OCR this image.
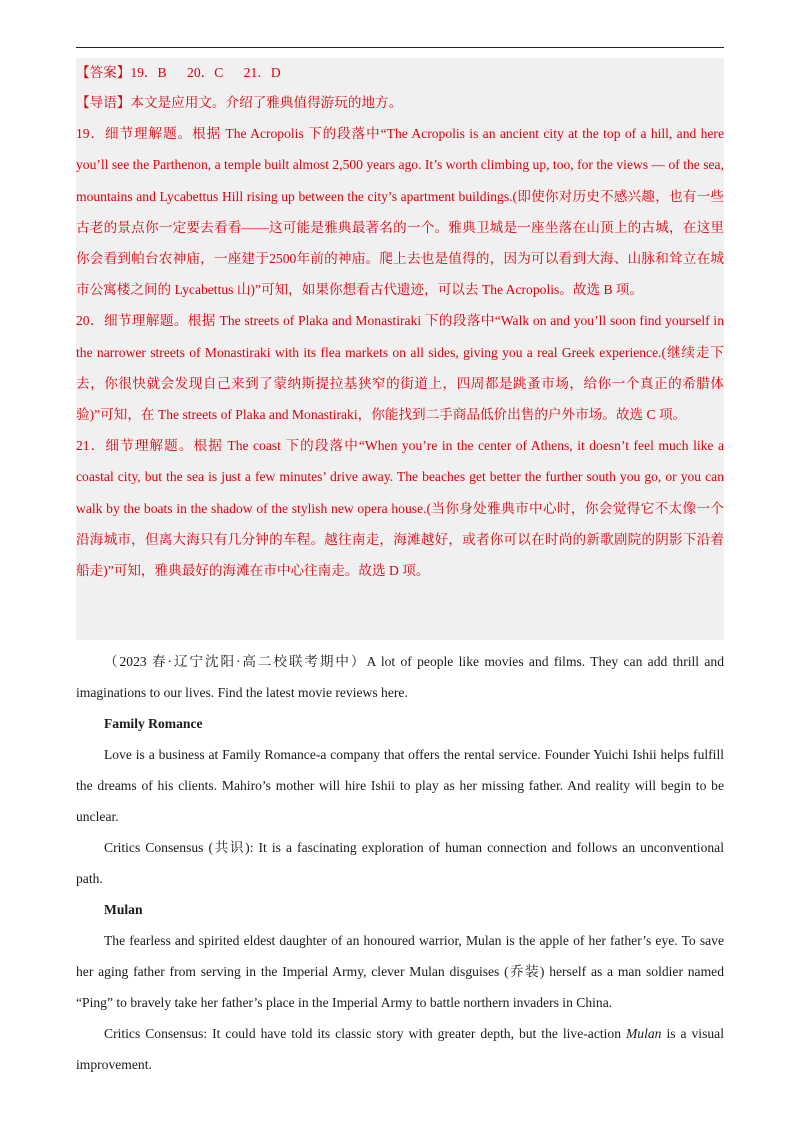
【答案】19．B      20．C      21．D
【导语】本文是应用文。介绍了雅典值得游玩的地方。
19．细节理解题。根据 The Acropolis 下的段落中“The Acropolis is an ancient city at the top of a hill, and here you’ll see the Parthenon, a temple built almost 2,500 years ago. It’s worth climbing up, too, for the views — of the sea, mountains and Lycabettus Hill rising up between the city’s apartment buildings.(即使你对历史不感兴趣，也有一些古老的景点你一定要去看看——这可能是雅典最著名的一个。雅典卫城是一座坐落在山顶上的古城，在这里你会看到帕台农神庙，一座建于2500年前的神庙。爬上去也是值得的，因为可以看到大海、山脉和耸立在城市公寓楼之间的 Lycabettus 山)”可知，如果你想看古代遗迹，可以去 The Acropolis。故选 B 项。
20．细节理解题。根据 The streets of Plaka and Monastiraki 下的段落中“Walk on and you’ll soon find yourself in the narrower streets of Monastiraki with its flea markets on all sides, giving you a real Greek experience.(继续走下去，你很快就会发现自己来到了蒙纳斯提拉基狭窄的街道上，四周都是跳蚤市场，给你一个真正的希腊体验)”可知，在 The streets of Plaka and Monastiraki，你能找到二手商品低价出售的户外市场。故选 C 项。
21．细节理解题。根据 The coast 下的段落中“When you’re in the center of Athens, it doesn’t feel much like a coastal city, but the sea is just a few minutes’ drive away. The beaches get better the further south you go, or you can walk by the boats in the shadow of the stylish new opera house.(当你身处雅典市中心时，你会觉得它不太像一个沿海城市，但离大海只有几分钟的车程。越往南走，海滩越好，或者你可以在时尚的新歌剧院的阴影下沿着船走)”可知，雅典最好的海滩在市中心往南走。故选 D 项。

（2023 春·辽宁沈阳·高二校联考期中）A lot of people like movies and films. They can add thrill and imaginations to our lives. Find the latest movie reviews here.

Family Romance

Love is a business at Family Romance-a company that offers the rental service. Founder Yuichi Ishii helps fulfill the dreams of his clients. Mahiro’s mother will hire Ishii to play as her missing father. And reality will begin to be unclear.

Critics Consensus (共识): It is a fascinating exploration of human connection and follows an unconventional path.

Mulan

The fearless and spirited eldest daughter of an honoured warrior, Mulan is the apple of her father’s eye. To save her aging father from serving in the Imperial Army, clever Mulan disguises (乔装) herself as a man soldier named “Ping” to bravely take her father’s place in the Imperial Army to battle northern invaders in China.

Critics Consensus: It could have told its classic story with greater depth, but the live-action Mulan is a visual improvement.
